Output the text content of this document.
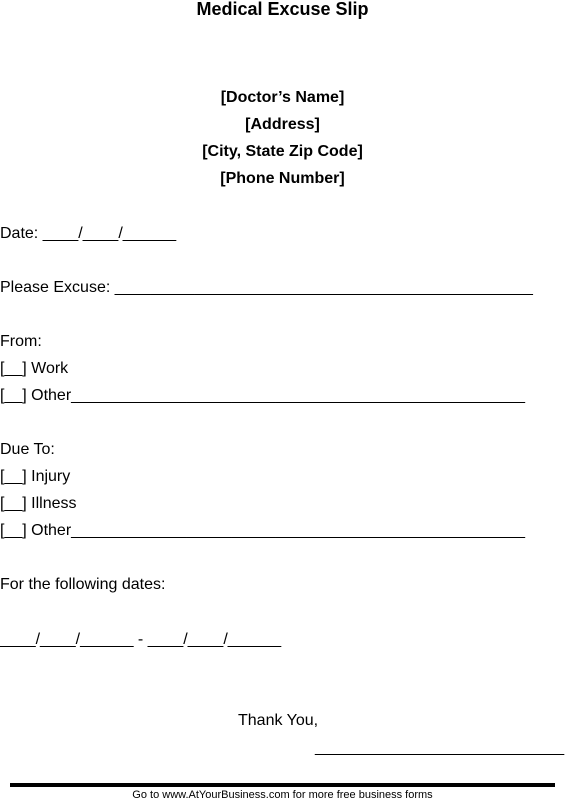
Medical Excuse Slip
[Doctor’s Name]
[Address]
[City, State Zip Code]
[Phone Number]
Date: ____/____/______
Please Excuse: _______________________________________________
From:
[__] Work
[__] Other___________________________________________________
Due To:
[__] Injury
[__] Illness
[__] Other___________________________________________________
For the following dates:
____/____/______ - ____/____/______
Thank You,
____________________________
Go to www.AtYourBusiness.com for more free business forms
